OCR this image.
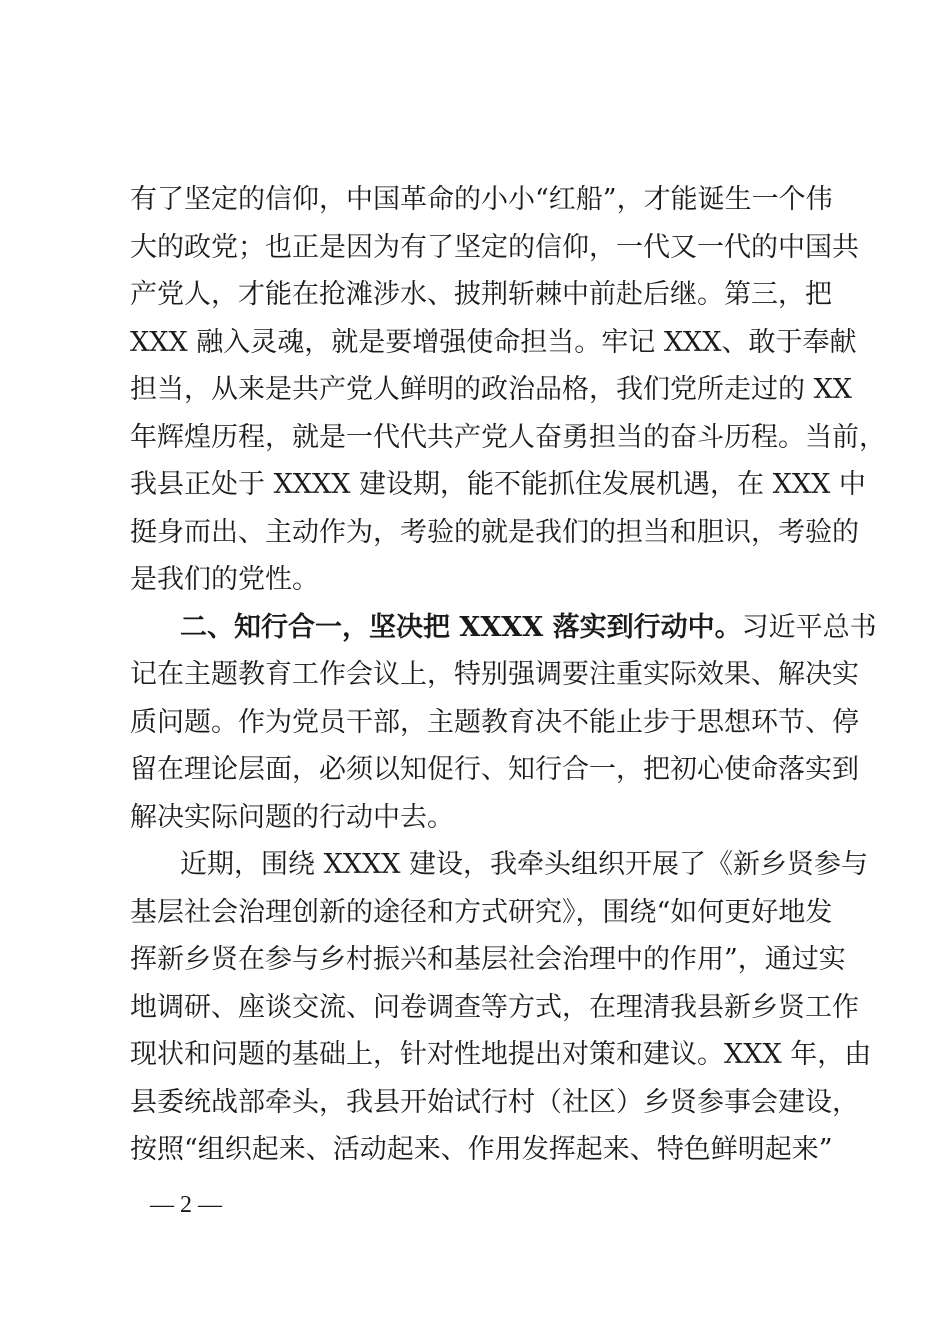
有了坚定的信仰，中国革命的小小“红船”，才能诞生一个伟
大的政党；也正是因为有了坚定的信仰，一代又一代的中国共
产党人，才能在抢滩涉水、披荆斩棘中前赴后继。第三，把
XXX 融入灵魂，就是要增强使命担当。牢记 XXX、敢于奉献
担当，从来是共产党人鲜明的政治品格，我们党所走过的 XX
年辉煌历程，就是一代代共产党人奋勇担当的奋斗历程。当前，
我县正处于 XXXX 建设期，能不能抓住发展机遇，在 XXX 中
挺身而出、主动作为，考验的就是我们的担当和胆识，考验的
是我们的党性。
二、知行合一，坚决把 XXXX 落实到行动中。习近平总书
记在主题教育工作会议上，特别强调要注重实际效果、解决实
质问题。作为党员干部，主题教育决不能止步于思想环节、停
留在理论层面，必须以知促行、知行合一，把初心使命落实到
解决实际问题的行动中去。
近期，围绕 XXXX 建设，我牵头组织开展了《新乡贤参与
基层社会治理创新的途径和方式研究》，围绕“如何更好地发
挥新乡贤在参与乡村振兴和基层社会治理中的作用”，通过实
地调研、座谈交流、问卷调查等方式，在理清我县新乡贤工作
现状和问题的基础上，针对性地提出对策和建议。XXX 年，由
县委统战部牵头，我县开始试行村（社区）乡贤参事会建设，
按照“组织起来、活动起来、作用发挥起来、特色鲜明起来”
— 2 —
